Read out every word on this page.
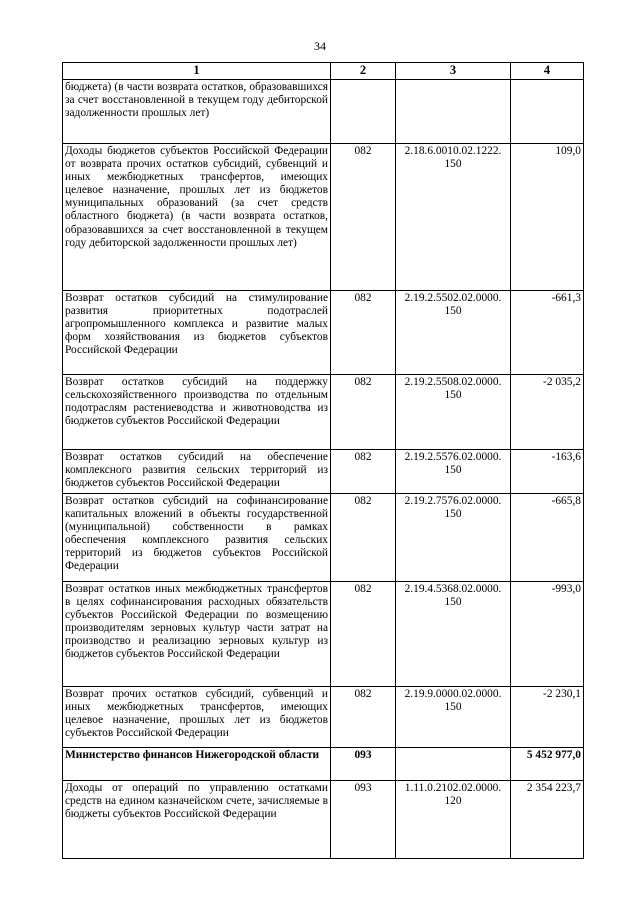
34
1	2	3	4
бюджета) (в части возврата остатков, образовавшихся за счет восстановленной в текущем году дебиторской задолженности прошлых лет)			
Доходы бюджетов субъектов Российской Федерации от возврата прочих остатков субсидий, субвенций и иных межбюджетных трансфертов, имеющих целевое назначение, прошлых лет из бюджетов муниципальных образований (за счет средств областного бюджета) (в части возврата остатков, образовавшихся за счет восстановленной в текущем году дебиторской задолженности прошлых лет)	082	2.18.6.0010.02.1222. 150	109,0
Возврат остатков субсидий на стимулирование развития приоритетных подотраслей агропромышленного комплекса и развитие малых форм хозяйствования из бюджетов субъектов Российской Федерации	082	2.19.2.5502.02.0000. 150	-661,3
Возврат остатков субсидий на поддержку сельскохозяйственного производства по отдельным подотраслям растениеводства и животноводства из бюджетов субъектов Российской Федерации	082	2.19.2.5508.02.0000. 150	-2 035,2
Возврат остатков субсидий на обеспечение комплексного развития сельских территорий из бюджетов субъектов Российской Федерации	082	2.19.2.5576.02.0000. 150	-163,6
Возврат остатков субсидий на софинансирование капитальных вложений в объекты государственной (муниципальной) собственности в рамках обеспечения комплексного развития сельских территорий из бюджетов субъектов Российской Федерации	082	2.19.2.7576.02.0000. 150	-665,8
Возврат остатков иных межбюджетных трансфертов в целях софинансирования расходных обязательств субъектов Российской Федерации по возмещению производителям зерновых культур части затрат на производство и реализацию зерновых культур из бюджетов субъектов Российской Федерации	082	2.19.4.5368.02.0000. 150	-993,0
Возврат прочих остатков субсидий, субвенций и иных межбюджетных трансфертов, имеющих целевое назначение, прошлых лет из бюджетов субъектов Российской Федерации	082	2.19.9.0000.02.0000. 150	-2 230,1
Министерство финансов Нижегородской области	093		5 452 977,0
Доходы от операций по управлению остатками средств на едином казначейском счете, зачисляемые в бюджеты субъектов Российской Федерации	093	1.11.0.2102.02.0000. 120	2 354 223,7
